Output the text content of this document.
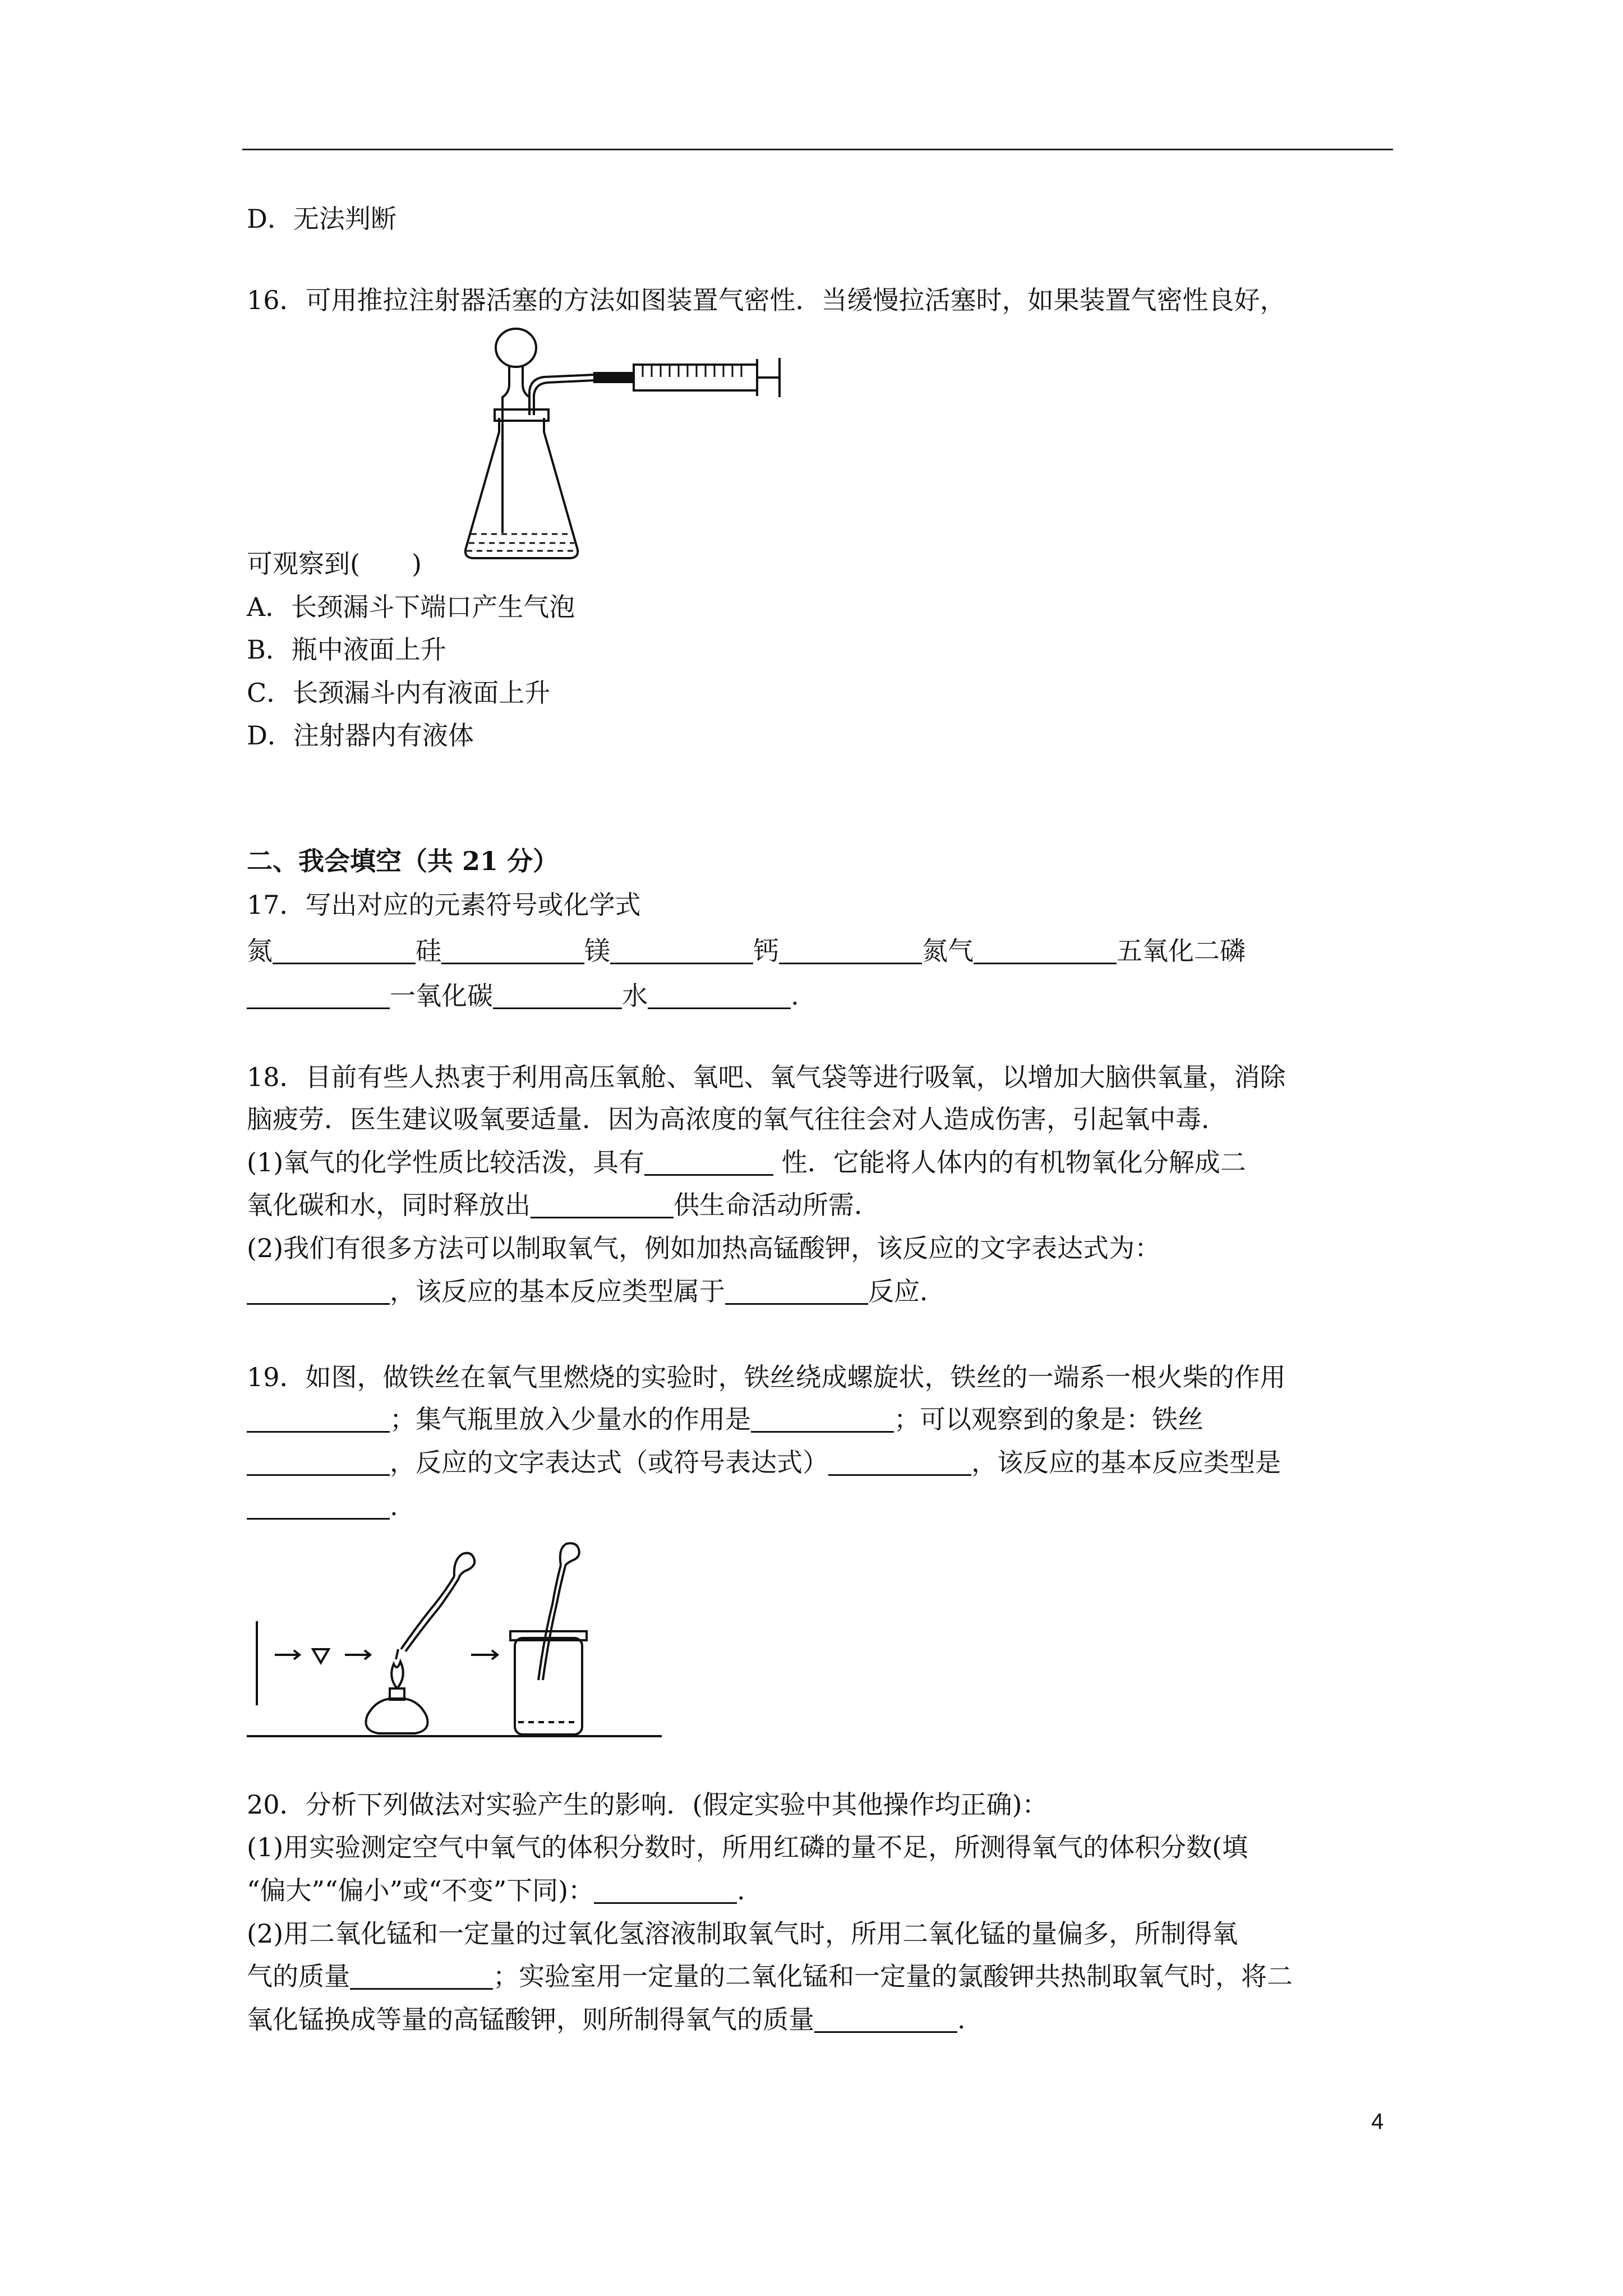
D．无法判断
16．可用推拉注射器活塞的方法如图装置气密性．当缓慢拉活塞时，如果装置气密性良好，
可观察到(　　)
A．长颈漏斗下端口产生气泡
B．瓶中液面上升
C．长颈漏斗内有液面上升
D．注射器内有液体
二、我会填空（共 21 分）
17．写出对应的元素符号或化学式
氮	硅	镁	钙	氮气	五氧化二磷
一氧化碳	水	.
18．目前有些人热衷于利用高压氧舱、氧吧、氧气袋等进行吸氧，以增加大脑供氧量，消除
脑疲劳．医生建议吸氧要适量．因为高浓度的氧气往往会对人造成伤害，引起氧中毒．
(1)氧气的化学性质比较活泼，具有	性．它能将人体内的有机物氧化分解成二
氧化碳和水，同时释放出	供生命活动所需．
(2)我们有很多方法可以制取氧气，例如加热高锰酸钾，该反应的文字表达式为：
，该反应的基本反应类型属于	反应．
19．如图，做铁丝在氧气里燃烧的实验时，铁丝绕成螺旋状，铁丝的一端系一根火柴的作用
；集气瓶里放入少量水的作用是	；可以观察到的象是：铁丝
，反应的文字表达式（或符号表达式）	，该反应的基本反应类型是
.
20．分析下列做法对实验产生的影响．(假定实验中其他操作均正确)：
(1)用实验测定空气中氧气的体积分数时，所用红磷的量不足，所测得氧气的体积分数(填
“偏大”“偏小”或“不变”下同)：	.
(2)用二氧化锰和一定量的过氧化氢溶液制取氧气时，所用二氧化锰的量偏多，所制得氧
气的质量	；实验室用一定量的二氧化锰和一定量的氯酸钾共热制取氧气时，将二
氧化锰换成等量的高锰酸钾，则所制得氧气的质量	.
4
